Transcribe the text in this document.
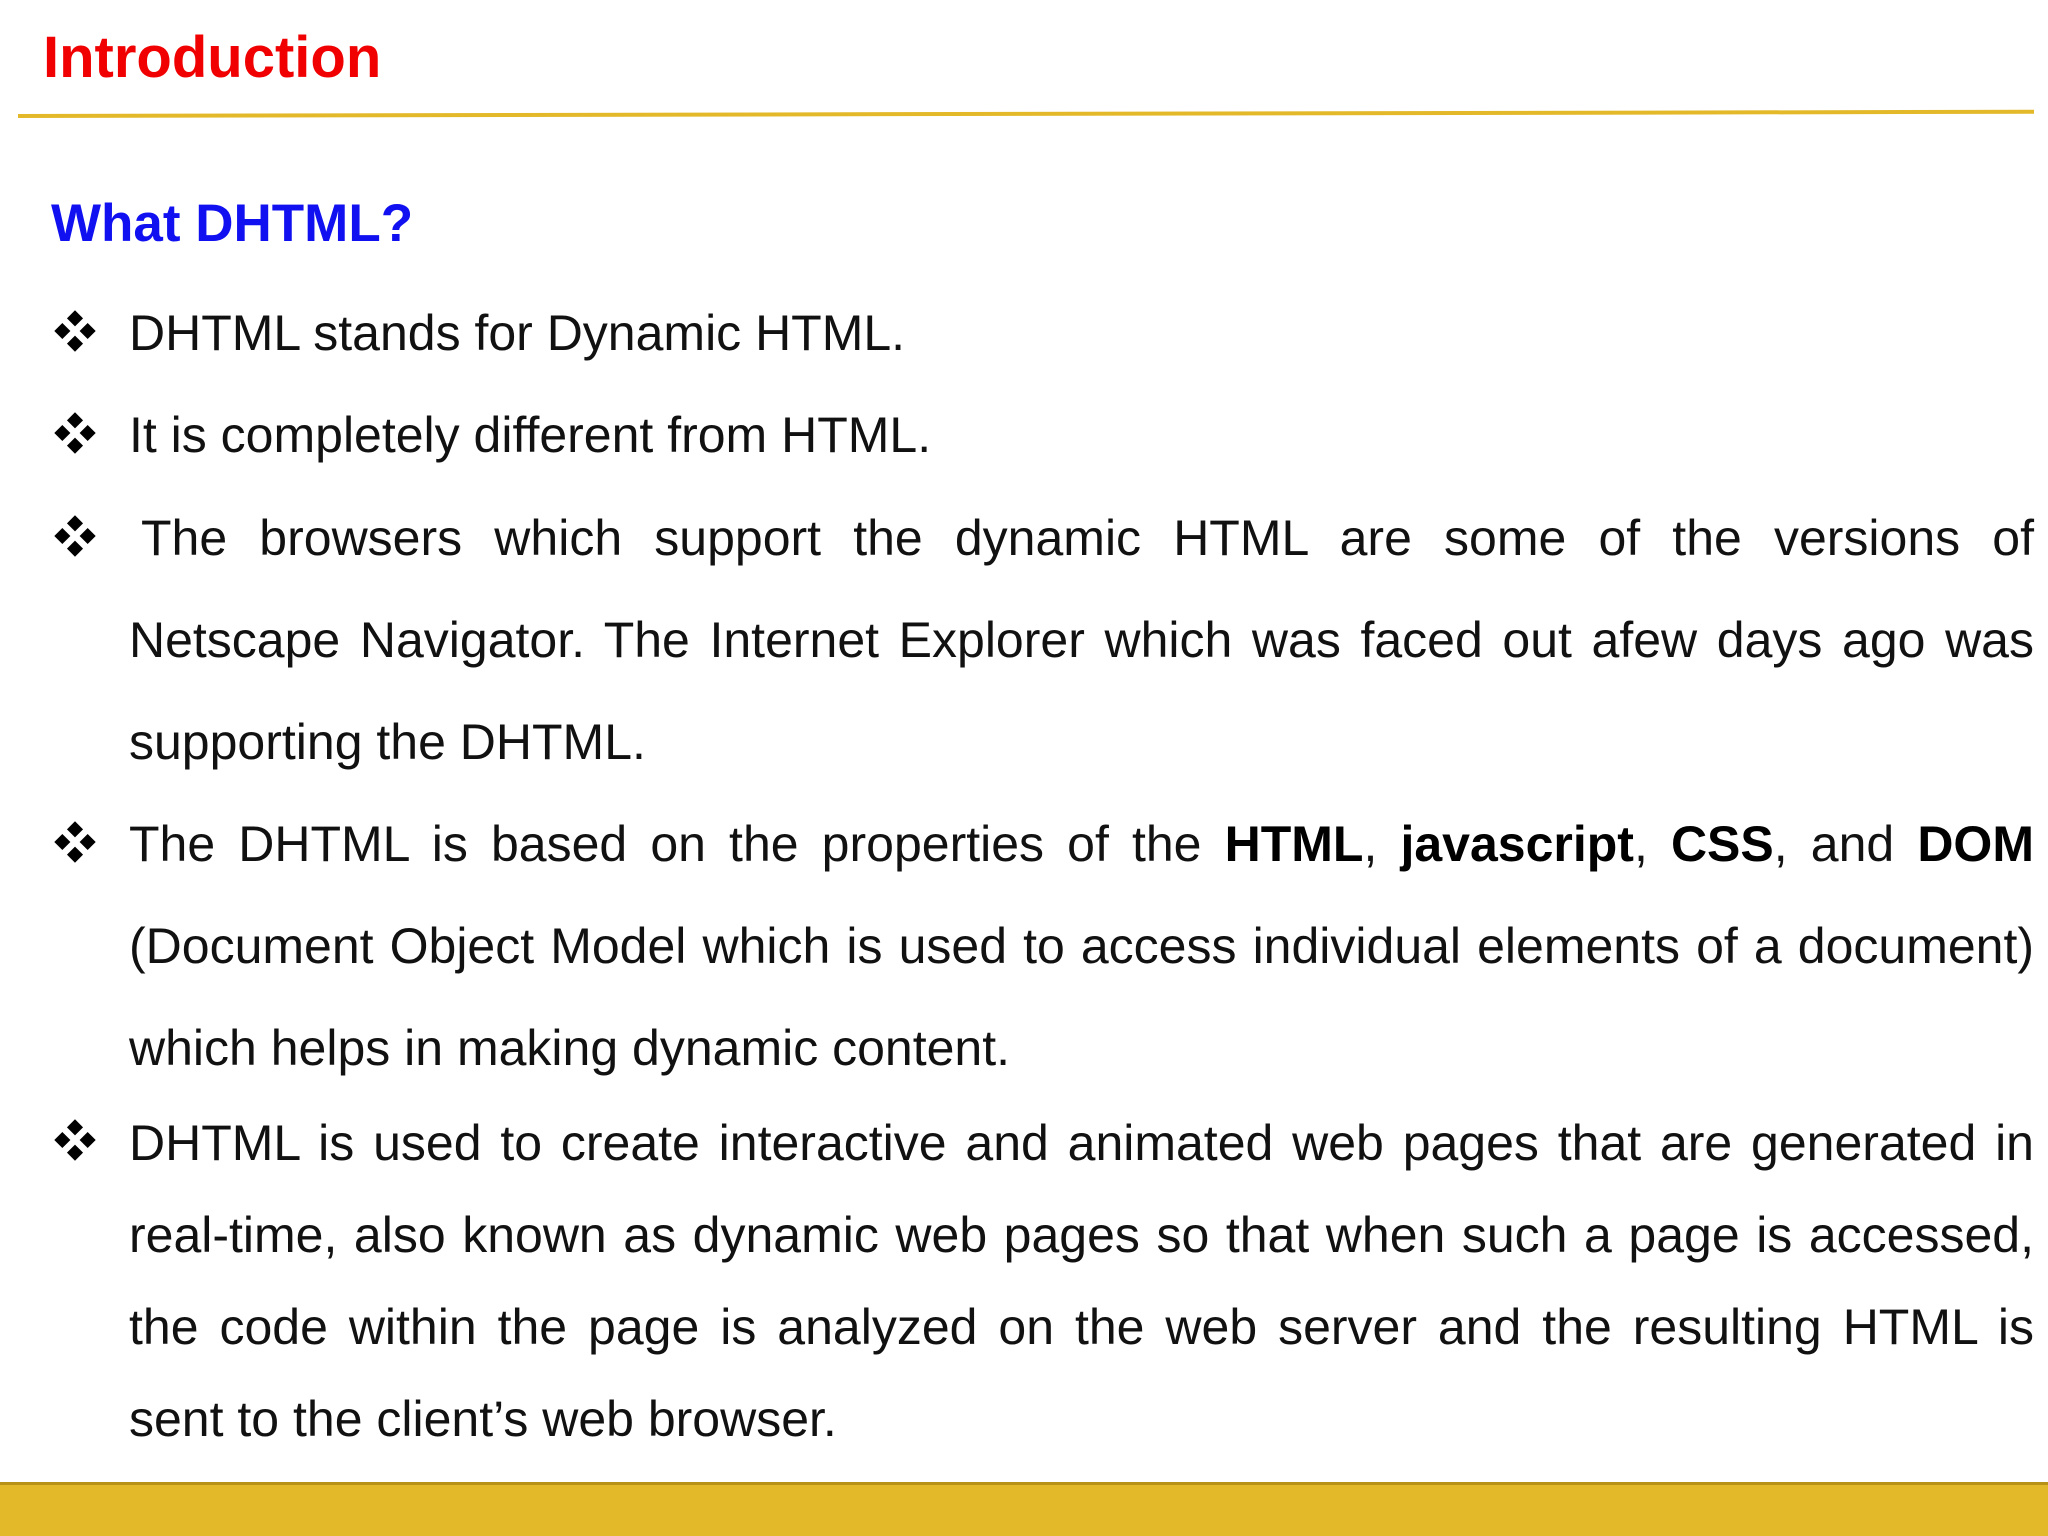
Introduction
What DHTML?

DHTML stands for Dynamic HTML.

It is completely different from HTML.

The browsers which support the dynamic HTML are some of the versions of Netscape Navigator. The Internet Explorer which was faced out afew days ago was supporting the DHTML.

The DHTML is based on the properties of the HTML, javascript, CSS, and DOM (Document Object Model which is used to access individual elements of a document) which helps in making dynamic content.

DHTML is used to create interactive and animated web pages that are generated in real-time, also known as dynamic web pages so that when such a page is accessed, the code within the page is analyzed on the web server and the resulting HTML is sent to the client’s web browser.
